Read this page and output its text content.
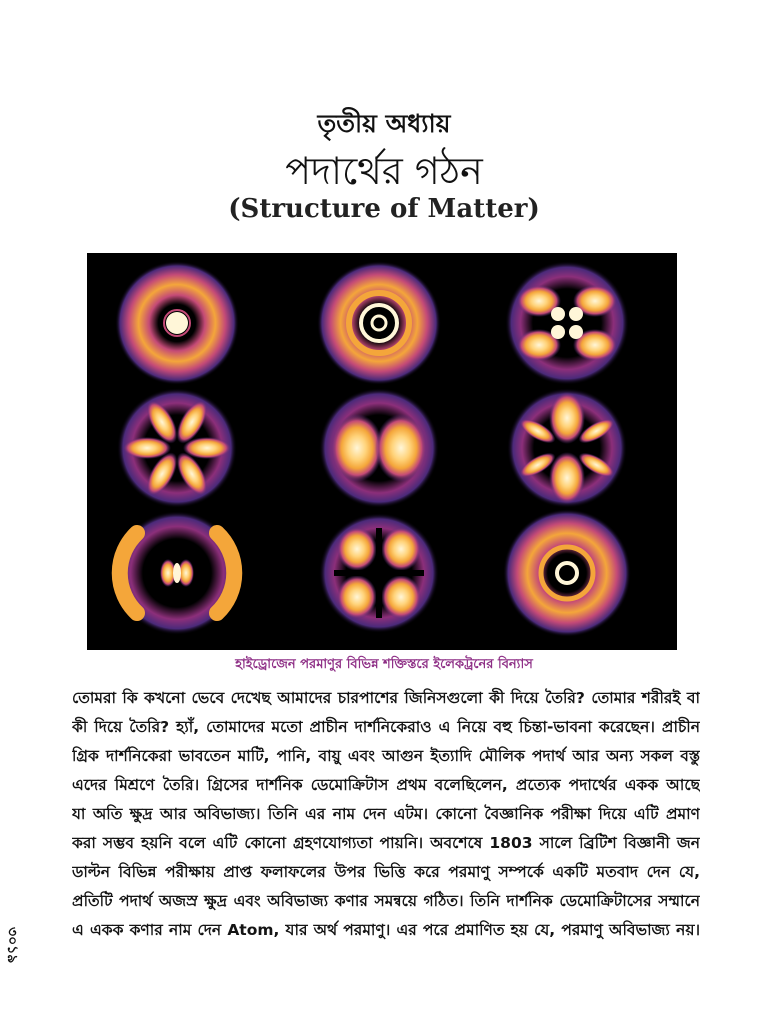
তৃতীয় অধ্যায়
পদার্থের গঠন
(Structure of Matter)
হাইড্রোজেন পরমাণুর বিভিন্ন শক্তিস্তরে ইলেকট্রনের বিন্যাস
তোমরা কি কখনো ভেবে দেখেছ আমাদের চারপাশের জিনিসগুলো কী দিয়ে তৈরি? তোমার শরীরই বা
কী দিয়ে তৈরি? হ্যাঁ, তোমাদের মতো প্রাচীন দার্শনিকেরাও এ নিয়ে বহু চিন্তা-ভাবনা করেছেন। প্রাচীন
গ্রিক দার্শনিকেরা ভাবতেন মাটি, পানি, বায়ু এবং আগুন ইত্যাদি মৌলিক পদার্থ আর অন্য সকল বস্তু
এদের মিশ্রণে তৈরি। গ্রিসের দার্শনিক ডেমোক্রিটাস প্রথম বলেছিলেন, প্রত্যেক পদার্থের একক আছে
যা অতি ক্ষুদ্র আর অবিভাজ্য। তিনি এর নাম দেন এটম। কোনো বৈজ্ঞানিক পরীক্ষা দিয়ে এটি প্রমাণ
করা সম্ভব হয়নি বলে এটি কোনো গ্রহণযোগ্যতা পায়নি। অবশেষে 1803 সালে ব্রিটিশ বিজ্ঞানী জন
ডাল্টন বিভিন্ন পরীক্ষায় প্রাপ্ত ফলাফলের উপর ভিত্তি করে পরমাণু সম্পর্কে একটি মতবাদ দেন যে,
প্রতিটি পদার্থ অজস্র ক্ষুদ্র এবং অবিভাজ্য কণার সমন্বয়ে গঠিত। তিনি দার্শনিক ডেমোক্রিটাসের সম্মানে
এ একক কণার নাম দেন Atom, যার অর্থ পরমাণু। এর পরে প্রমাণিত হয় যে, পরমাণু অবিভাজ্য নয়।
৩০১৯
